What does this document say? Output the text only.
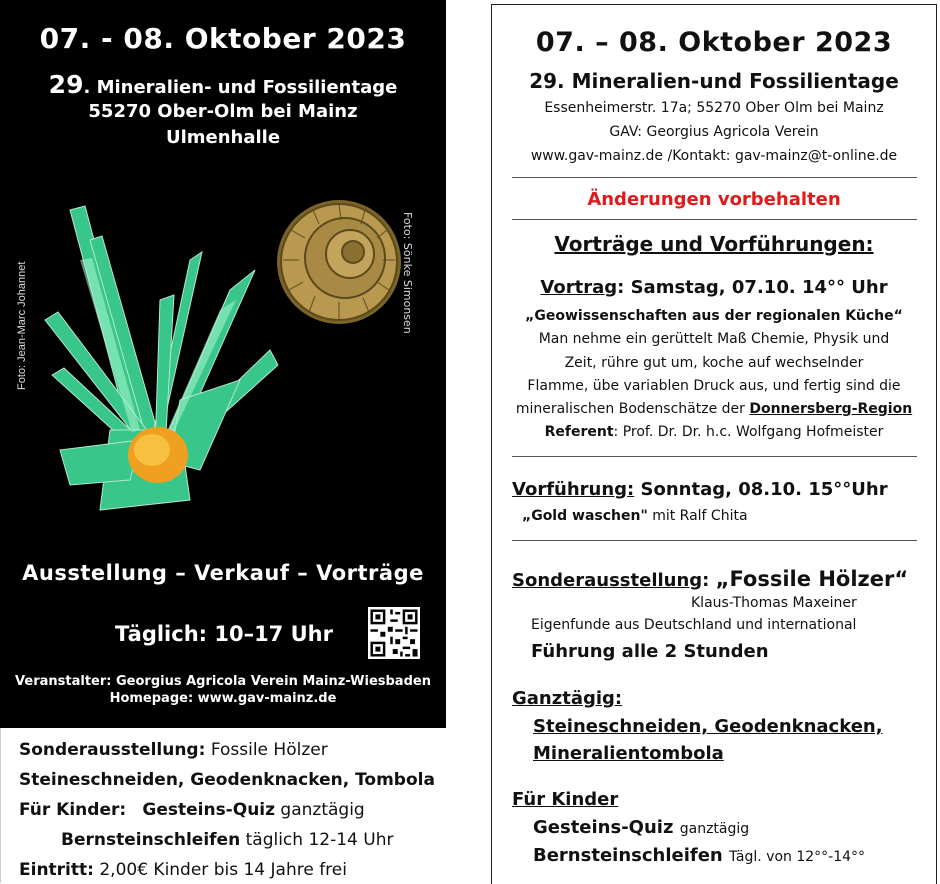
07. - 08. Oktober 2023
29. Mineralien- und Fossilientage
55270 Ober-Olm bei Mainz
Ulmenhalle
Foto: Jean-Marc Johannet	Foto: Sönke Simonsen
Ausstellung – Verkauf – Vorträge
Täglich: 10–17 Uhr
Veranstalter: Georgius Agricola Verein Mainz-Wiesbaden
Homepage: www.gav-mainz.de
Sonderausstellung: Fossile Hölzer
Steineschneiden, Geodenknacken, Tombola
Für Kinder: Gesteins-Quiz ganztägig
Bernsteinschleifen täglich 12-14 Uhr
Eintritt: 2,00€ Kinder bis 14 Jahre frei
07. – 08. Oktober 2023
29. Mineralien-und Fossilientage
Essenheimerstr. 17a; 55270 Ober Olm bei Mainz
GAV: Georgius Agricola Verein
www.gav-mainz.de /Kontakt: gav-mainz@t-online.de
Änderungen vorbehalten
Vorträge und Vorführungen:
Vortrag: Samstag, 07.10. 14°° Uhr
„Geowissenschaften aus der regionalen Küche“
Man nehme ein gerüttelt Maß Chemie, Physik und
Zeit, rühre gut um, koche auf wechselnder
Flamme, übe variablen Druck aus, und fertig sind die
mineralischen Bodenschätze der Donnersberg-Region
Referent: Prof. Dr. Dr. h.c. Wolfgang Hofmeister
Vorführung: Sonntag, 08.10. 15°°Uhr
„Gold waschen" mit Ralf Chita
Sonderausstellung: „Fossile Hölzer“
Klaus-Thomas Maxeiner
Eigenfunde aus Deutschland und international
Führung alle 2 Stunden
Ganztägig:
Steineschneiden, Geodenknacken,
Mineralientombola
Für Kinder
Gesteins-Quiz ganztägig
Bernsteinschleifen Tägl. von 12°°-14°°
